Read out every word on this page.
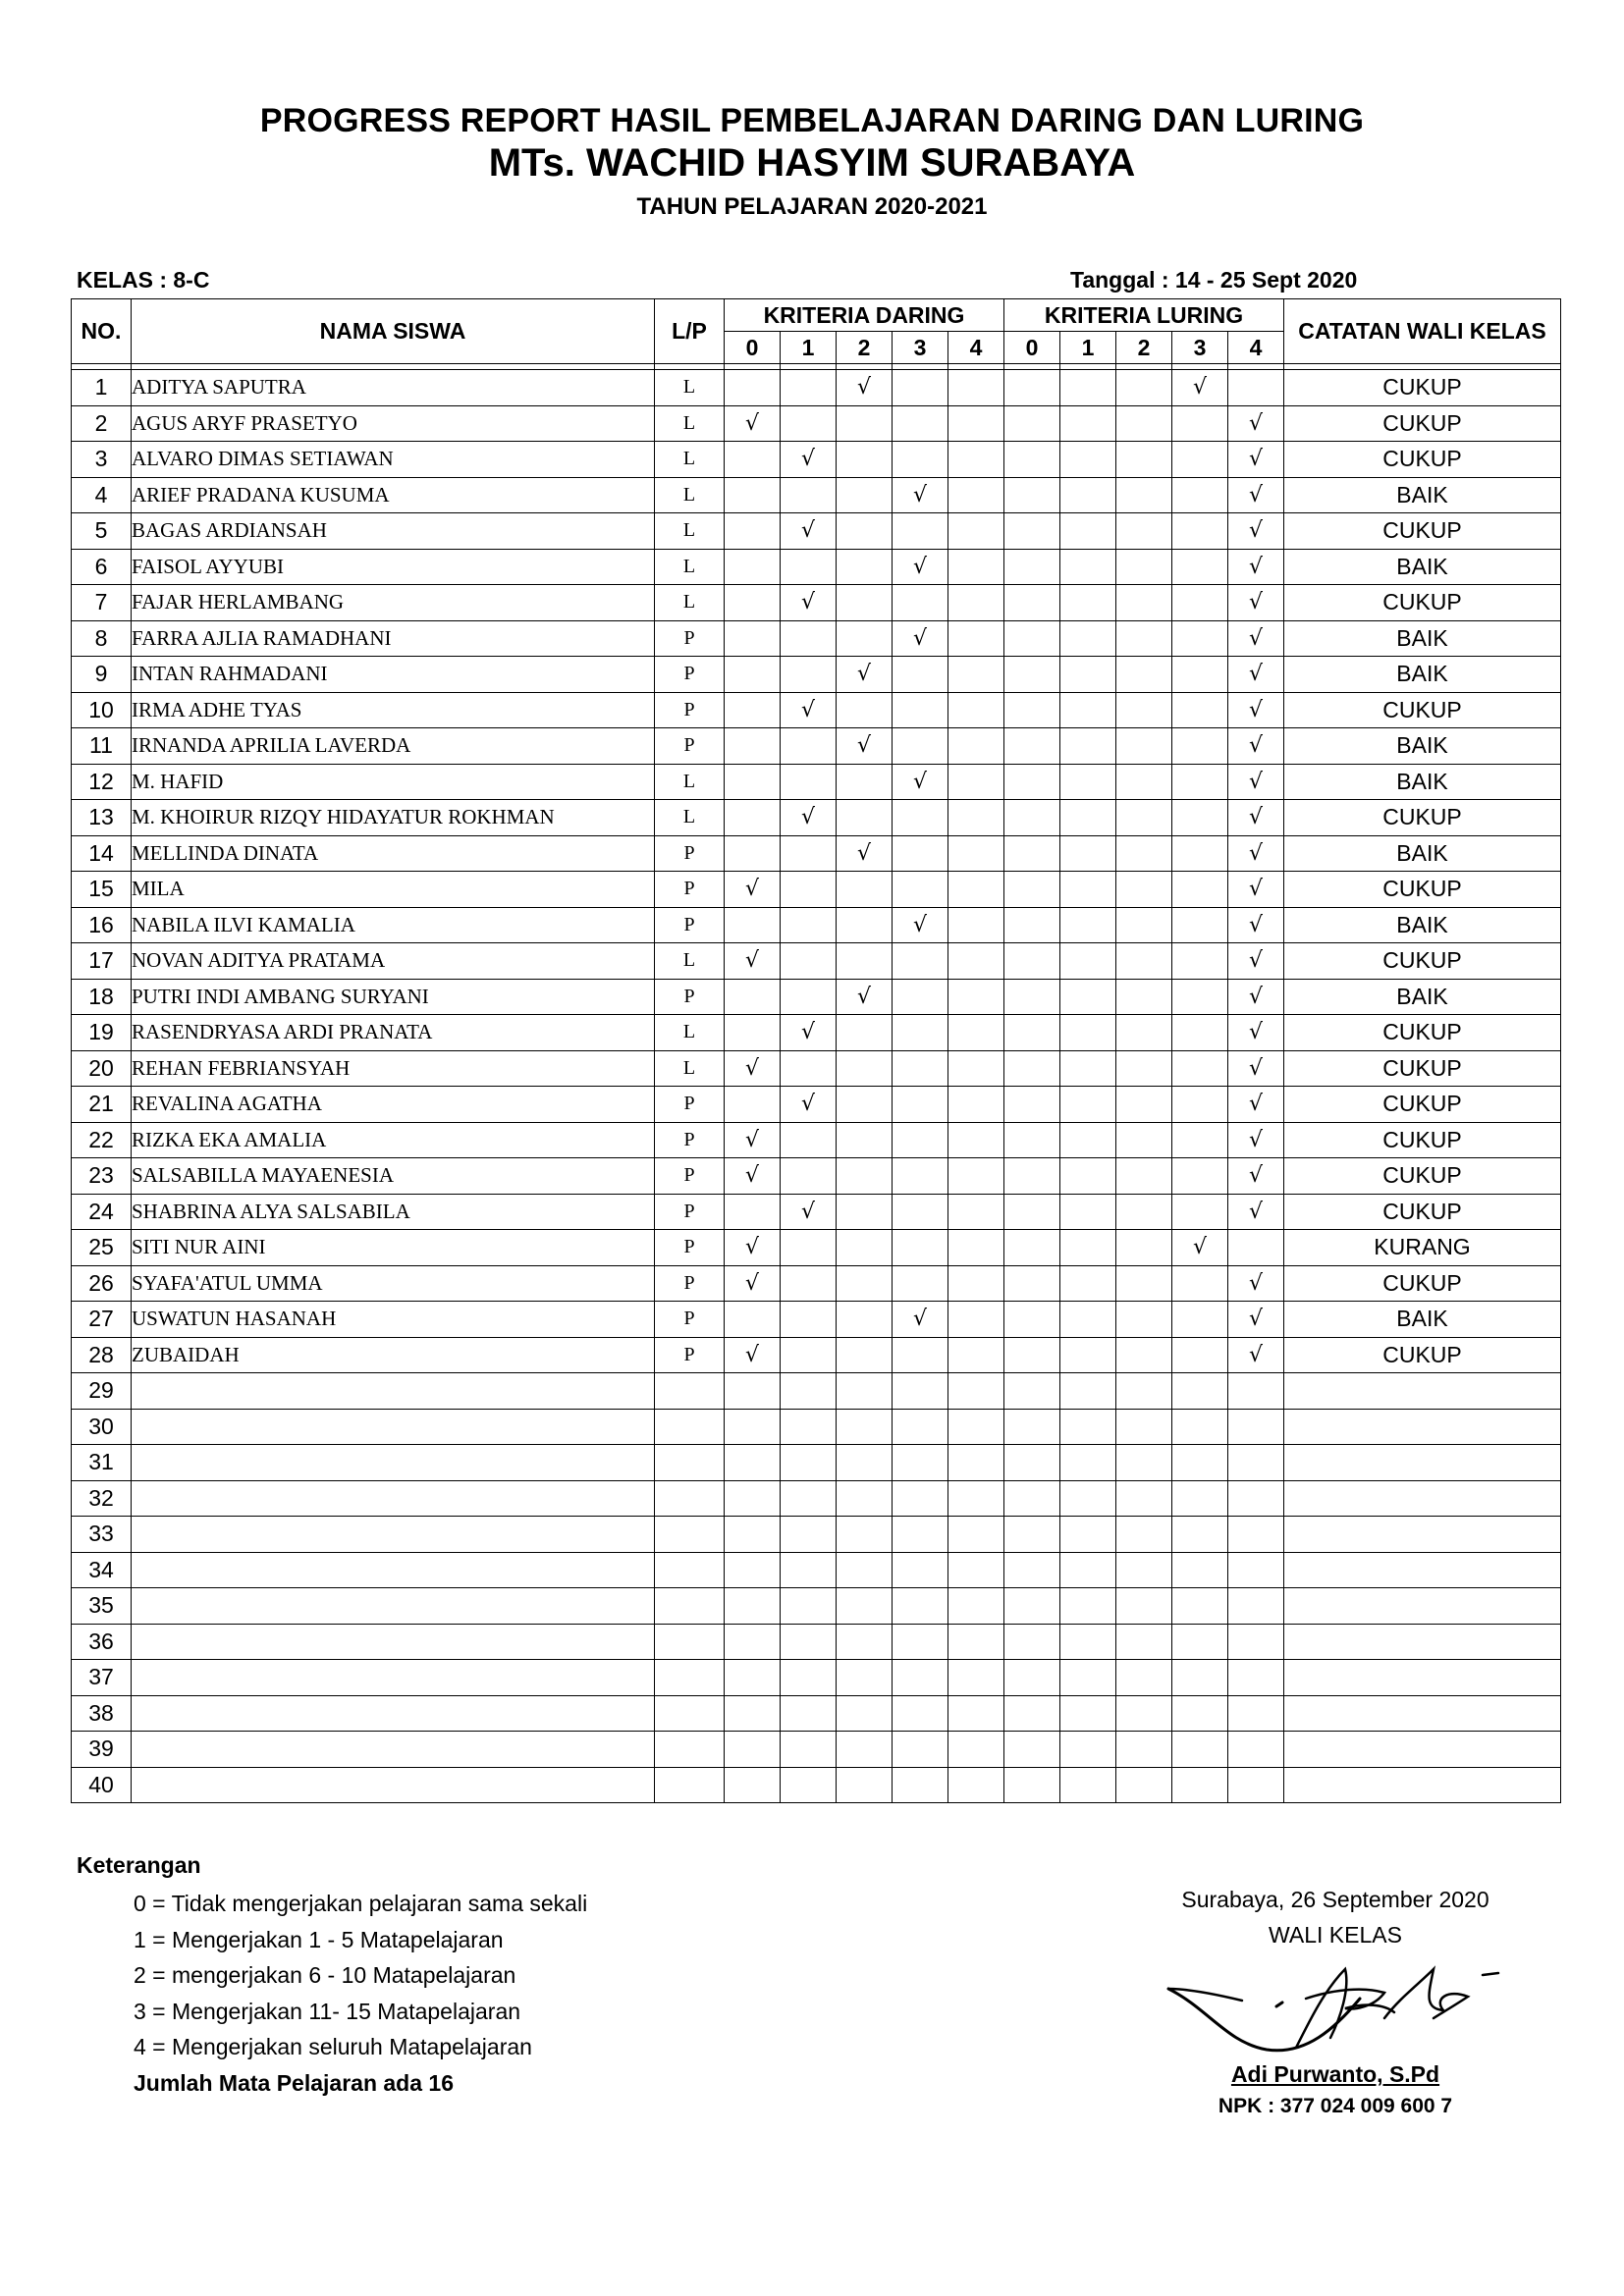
PROGRESS REPORT HASIL PEMBELAJARAN DARING DAN LURING
MTs. WACHID HASYIM SURABAYA
TAHUN PELAJARAN 2020-2021
KELAS : 8-C	Tanggal : 14 - 25 Sept 2020
NO.	NAMA SISWA	L/P	KRITERIA DARING					KRITERIA LURING					CATATAN WALI KELAS
			0	1	2	3	4	0	1	2	3	4	

1	ADITYA SAPUTRA	L			√						√		CUKUP
2	AGUS ARYF PRASETYO	L	√									√	CUKUP
3	ALVARO DIMAS SETIAWAN	L		√								√	CUKUP
4	ARIEF PRADANA KUSUMA	L				√						√	BAIK
5	BAGAS ARDIANSAH	L		√								√	CUKUP
6	FAISOL AYYUBI	L				√						√	BAIK
7	FAJAR HERLAMBANG	L		√								√	CUKUP
8	FARRA AJLIA RAMADHANI	P				√						√	BAIK
9	INTAN RAHMADANI	P			√							√	BAIK
10	IRMA ADHE TYAS	P		√								√	CUKUP
11	IRNANDA APRILIA LAVERDA	P			√							√	BAIK
12	M. HAFID	L				√						√	BAIK
13	M. KHOIRUR RIZQY HIDAYATUR ROKHMAN	L		√								√	CUKUP
14	MELLINDA DINATA	P			√							√	BAIK
15	MILA	P	√									√	CUKUP
16	NABILA ILVI KAMALIA	P				√						√	BAIK
17	NOVAN ADITYA PRATAMA	L	√									√	CUKUP
18	PUTRI INDI AMBANG SURYANI	P			√							√	BAIK
19	RASENDRYASA ARDI PRANATA	L		√								√	CUKUP
20	REHAN FEBRIANSYAH	L	√									√	CUKUP
21	REVALINA AGATHA	P		√								√	CUKUP
22	RIZKA EKA AMALIA	P	√									√	CUKUP
23	SALSABILLA MAYAENESIA	P	√									√	CUKUP
24	SHABRINA ALYA SALSABILA	P		√								√	CUKUP
25	SITI NUR AINI	P	√								√		KURANG
26	SYAFA'ATUL UMMA	P	√									√	CUKUP
27	USWATUN HASANAH	P				√						√	BAIK
28	ZUBAIDAH	P	√									√	CUKUP
29													
30													
31													
32													
33													
34													
35													
36													
37													
38													
39													
40													
Keterangan
0 = Tidak mengerjakan pelajaran sama sekali
1 = Mengerjakan 1 - 5 Matapelajaran
2 = mengerjakan 6 - 10 Matapelajaran
3 = Mengerjakan 11- 15 Matapelajaran
4 = Mengerjakan seluruh Matapelajaran
Jumlah Mata Pelajaran ada 16
Surabaya, 26 September 2020
WALI KELAS
Adi Purwanto, S.Pd
NPK : 377 024 009 600 7
